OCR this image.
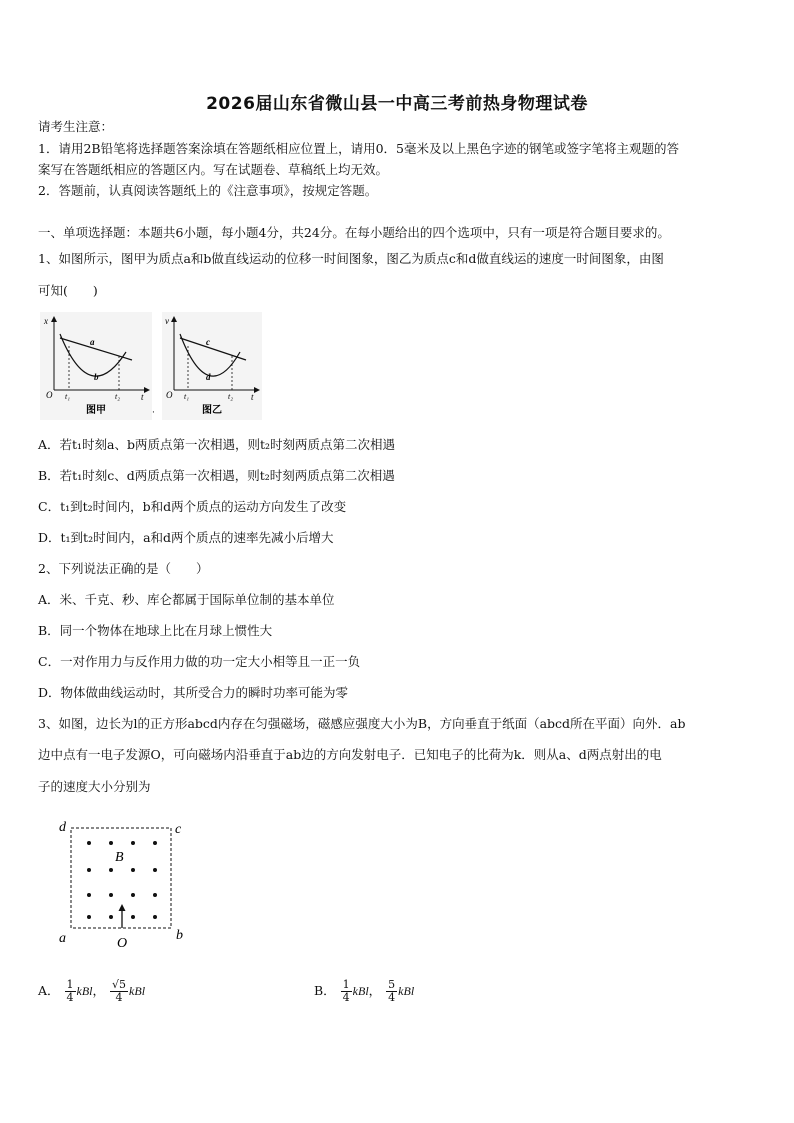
2026届山东省微山县一中高三考前热身物理试卷
请考生注意：
1．请用2B铅笔将选择题答案涂填在答题纸相应位置上，请用0．5毫米及以上黑色字迹的钢笔或签字笔将主观题的答
案写在答题纸相应的答题区内。写在试题卷、草稿纸上均无效。
2．答题前，认真阅读答题纸上的《注意事项》，按规定答题。
一、单项选择题：本题共6小题，每小题4分，共24分。在每小题给出的四个选项中，只有一项是符合题目要求的。
1、如图所示，图甲为质点a和b做直线运动的位移一时间图象，图乙为质点c和d做直线运的速度一时间图象，由图
可知(　　)
x
O	t
t₁	t₂
a
b
图甲
v
O	t
t₁	t₂
c
d
图乙
·
A．若t₁时刻a、b两质点第一次相遇，则t₂时刻两质点第二次相遇
B．若t₁时刻c、d两质点第一次相遇，则t₂时刻两质点第二次相遇
C．t₁到t₂时间内，b和d两个质点的运动方向发生了改变
D．t₁到t₂时间内，a和d两个质点的速率先减小后增大
2、下列说法正确的是（　　）
A．米、千克、秒、库仑都属于国际单位制的基本单位
B．同一个物体在地球上比在月球上惯性大
C．一对作用力与反作用力做的功一定大小相等且一正一负
D．物体做曲线运动时，其所受合力的瞬时功率可能为零
3、如图，边长为l的正方形abcd内存在匀强磁场，磁感应强度大小为B，方向垂直于纸面（abcd所在平面）向外．ab
边中点有一电子发源O，可向磁场内沿垂直于ab边的方向发射电子．已知电子的比荷为k．则从a、d两点射出的电
子的速度大小分别为
d	c
a	b
B
O
A． $\frac{1}{4}$ kBl， $\frac{√5}{4}$ kBl	B． $\frac{1}{4}$ kBl， $\frac{5}{4}$ kBl
